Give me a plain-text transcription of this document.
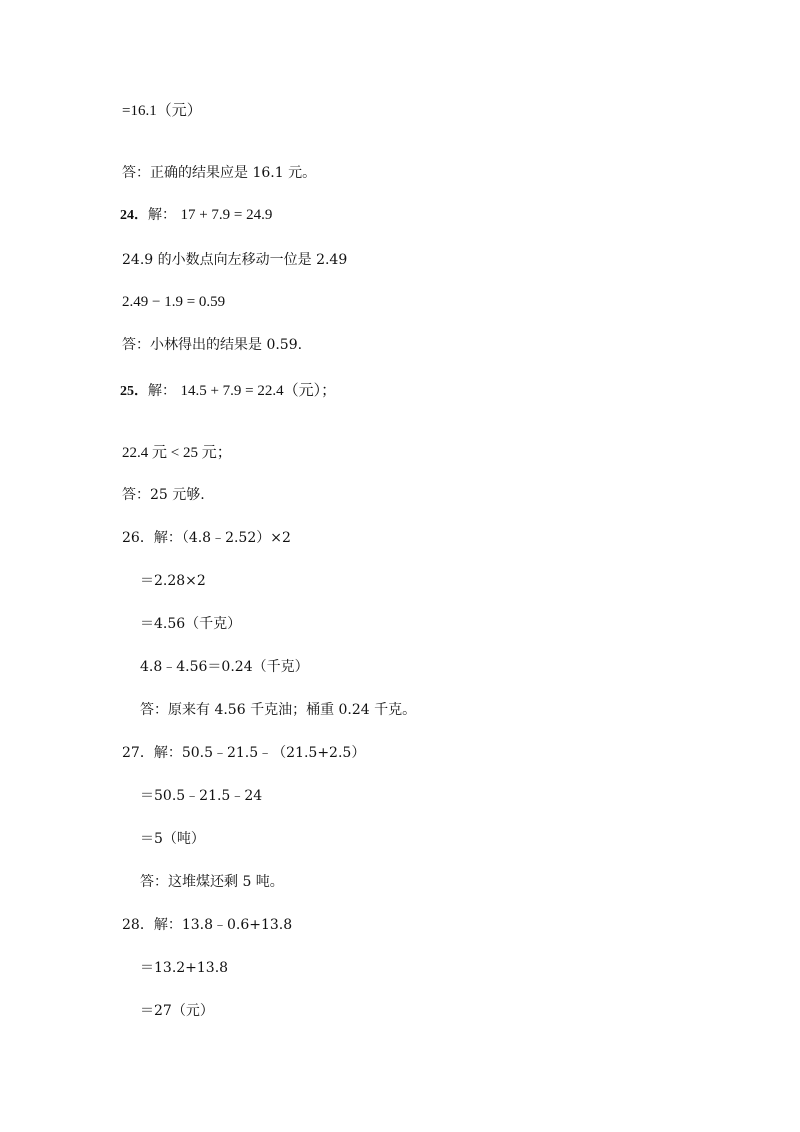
=16.1（元）
答：正确的结果应是 16.1 元。
24．解： 17 + 7.9 = 24.9
24.9 的小数点向左移动一位是 2.49
2.49 − 1.9 = 0.59
答：小林得出的结果是 0.59.
25．解： 14.5 + 7.9 = 22.4（元）；
22.4 元 < 25 元；
答：25 元够.
26．解：（4.8﹣2.52）×2
＝2.28×2
＝4.56（千克）
4.8﹣4.56＝0.24（千克）
答：原来有 4.56 千克油；桶重 0.24 千克。
27．解：50.5﹣21.5﹣（21.5+2.5）
＝50.5﹣21.5﹣24
＝5（吨）
答：这堆煤还剩 5 吨。
28．解：13.8﹣0.6+13.8
＝13.2+13.8
＝27（元）
